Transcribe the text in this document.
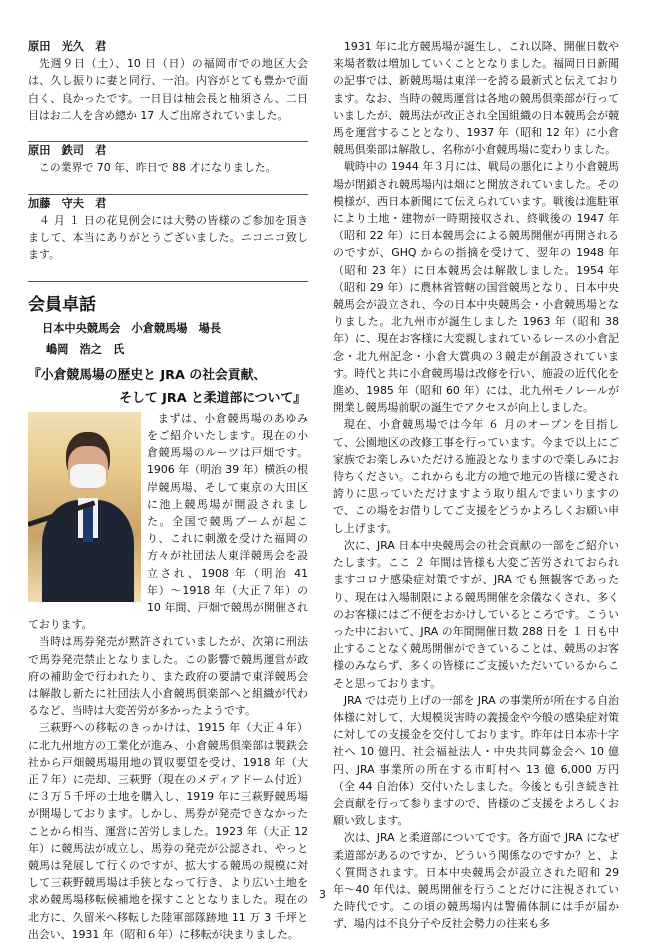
原田　光久　君

先週９日（土）、10 日（日）の福岡市での地区大会は、久し振りに妻と同行、一泊。内容がとても豊かで面白く、良かったです。一日目は柚会長と柚須さん、二日目はお二人を含め總か 17 人ご出席されていました。

原田　鉄司　君

この業界で 70 年、昨日で 88 才になりました。

加藤　守夫　君

４ 月 １ 日の花見例会には大勢の皆様のご参加を頂きまして、本当にありがとうございました。ニコニコ致します。

会員卓話
日本中央競馬会　小倉競馬場　場長
嶋岡　浩之　氏
『小倉競馬場の歴史と JRA の社会貢献、
そして JRA と柔道部について』

まずは、小倉競馬場のあゆみをご紹介いたします。現在の小倉競馬場のルーツは戸畑です。1906 年（明治 39 年）横浜の根岸競馬場、そして東京の大田区に池上競馬場が開設されました。全国で競馬ブームが起こり、これに刺激を受けた福岡の方々が社団法人東洋競馬会を設立され、1908 年（明治 41 年）〜1918 年（大正７年）の 10 年間、戸畑で競馬が開催されております。

当時は馬券発売が黙許されていましたが、次第に刑法で馬券発売禁止となりました。この影響で競馬運営が政府の補助金で行われたり、また政府の要請で東洋競馬会は解散し新たに社団法人小倉競馬倶楽部へと組織が代わるなど、当時は大変苦労が多かったようです。

三萩野への移転のきっかけは、1915 年（大正４年）に北九州地方の工業化が進み、小倉競馬倶楽部は製鉄会社から戸畑競馬場用地の買収要望を受け、1918 年（大正７年）に売却、三萩野（現在のメディアドーム付近）に３万５千坪の土地を購入し、1919 年に三萩野競馬場が開場しております。しかし、馬券が発売できなかったことから相当、運営に苦労しました。1923 年（大正 12 年）に競馬法が成立し、馬券の発売が公認され、やっと競馬は発展して行くのですが、拡大する競馬の規模に対して三萩野競馬場は手狭となって行き、より広い土地を求め競馬場移転候補地を探すこととなりました。現在の北方に、久留米へ移転した陸軍部隊跡地 11 万 3 千坪と出会い、1931 年（昭和６年）に移転が決まりました。

1931 年に北方競馬場が誕生し、これ以降、開催日数や来場者数は増加していくこととなりました。福岡日日新聞の記事では、新競馬場は東洋一を誇る最新式と伝えております。なお、当時の競馬運営は各地の競馬倶楽部が行っていましたが、競馬法が改正され全国組織の日本競馬会が競馬を運営することとなり、1937 年（昭和 12 年）に小倉競馬倶楽部は解散し、名称が小倉競馬場に変わりました。

戦時中の 1944 年３月には、戦局の悪化により小倉競馬場が閉鎖され競馬場内は畑にと開放されていました。その模様が、西日本新聞にて伝えられています。戦後は進駐軍により土地・建物が一時期接収され、終戦後の 1947 年（昭和 22 年）に日本競馬会による競馬開催が再開されるのですが、GHQ からの指摘を受けて、翌年の 1948 年（昭和 23 年）に日本競馬会は解散しました。1954 年（昭和 29 年）に農林省管轄の国営競馬となり、日本中央競馬会が設立され、今の日本中央競馬会・小倉競馬場となりました。北九州市が誕生しました 1963 年（昭和 38 年）に、現在お客様に大変親しまれているレースの小倉記念・北九州記念・小倉大賞典の３競走が創設されています。時代と共に小倉競馬場は改修を行い、施設の近代化を進め、1985 年（昭和 60 年）には、北九州モノレールが開業し競馬場前駅の誕生でアクセスが向上しました。

現在、小倉競馬場では今年 ６ 月のオープンを目指して、公園地区の改修工事を行っています。今まで以上にご家族でお楽しみいただける施設となりますので楽しみにお待ちください。これからも北方の地で地元の皆様に愛され誇りに思っていただけますよう取り組んでまいりますので、この場をお借りしてご支援をどうかよろしくお願い申し上げます。

次に、JRA 日本中央競馬会の社会貢献の一部をご紹介いたします。ここ ２ 年間は皆様も大変ご苦労されておられますコロナ感染症対策ですが、JRA でも無観客であったり、現在は入場制限による競馬開催を余儀なくされ、多くのお客様にはご不便をおかけしているところです。こういった中において、JRA の年間開催日数 288 日を １ 日も中止することなく競馬開催ができていることは、競馬のお客様のみならず、多くの皆様にご支援いただいているからこそと思っております。

JRA では売り上げの一部を JRA の事業所が所在する自治体様に対して、大規模災害時の義援金や今般の感染症対策に対しての支援金を交付しております。昨年は日本赤十字社へ 10 億円、社会福祉法人・中央共同募金会へ 10 億円、JRA 事業所の所在する市町村へ 13 億 6,000 万円（全 44 自治体）交付いたしました。今後とも引き続き社会貢献を行って参りますので、皆様のご支援をよろしくお願い致します。

次は、JRA と柔道部についてです。各方面で JRA になぜ柔道部があるのですか、どういう関係なのですか？と、よく質問されます。日本中央競馬会が設立された昭和 29 年〜40 年代は、競馬開催を行うことだけに注視されていた時代です。この頃の競馬場内は警備体制には手が届かず、場内は不良分子や反社会勢力の往来も多

3
